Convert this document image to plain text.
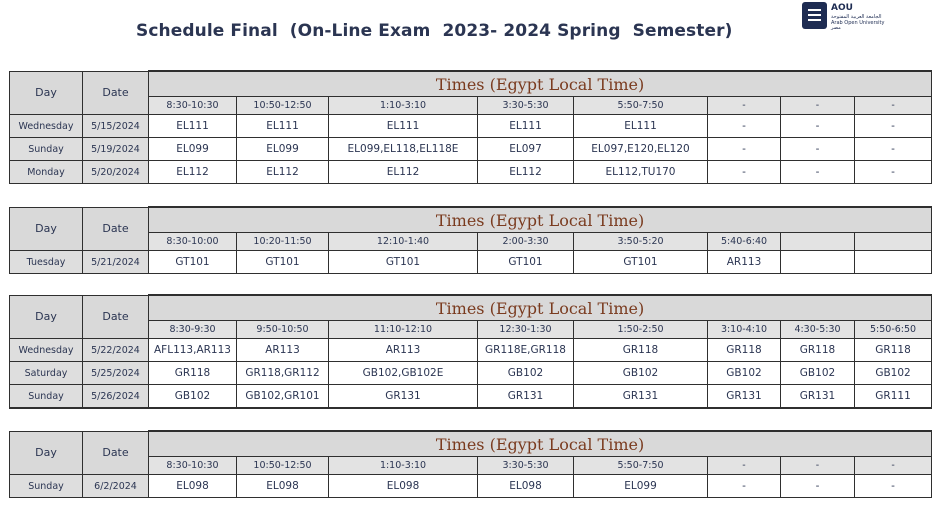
Schedule Final  (On-Line Exam  2023- 2024 Spring  Semester)
AOU
الجامعة العربية المفتوحة
Arab Open University
مصر
Day	Date	Times (Egypt Local Time)							
		8:30-10:30	10:50-12:50	1:10-3:10	3:30-5:30	5:50-7:50	-	-	-
Wednesday	5/15/2024	EL111	EL111	EL111	EL111	EL111	-	-	-
Sunday	5/19/2024	EL099	EL099	EL099,EL118,EL118E	EL097	EL097,E120,EL120	-	-	-
Monday	5/20/2024	EL112	EL112	EL112	EL112	EL112,TU170	-	-	-
Day	Date	Times (Egypt Local Time)							
		8:30-10:00	10:20-11:50	12:10-1:40	2:00-3:30	3:50-5:20	5:40-6:40		
Tuesday	5/21/2024	GT101	GT101	GT101	GT101	GT101	AR113		
Day	Date	Times (Egypt Local Time)							
		8:30-9:30	9:50-10:50	11:10-12:10	12:30-1:30	1:50-2:50	3:10-4:10	4:30-5:30	5:50-6:50
Wednesday	5/22/2024	AFL113,AR113	AR113	AR113	GR118E,GR118	GR118	GR118	GR118	GR118
Saturday	5/25/2024	GR118	GR118,GR112	GB102,GB102E	GB102	GB102	GB102	GB102	GB102
Sunday	5/26/2024	GB102	GB102,GR101	GR131	GR131	GR131	GR131	GR131	GR111
Day	Date	Times (Egypt Local Time)							
		8:30-10:30	10:50-12:50	1:10-3:10	3:30-5:30	5:50-7:50	-	-	-
Sunday	6/2/2024	EL098	EL098	EL098	EL098	EL099	-	-	-
